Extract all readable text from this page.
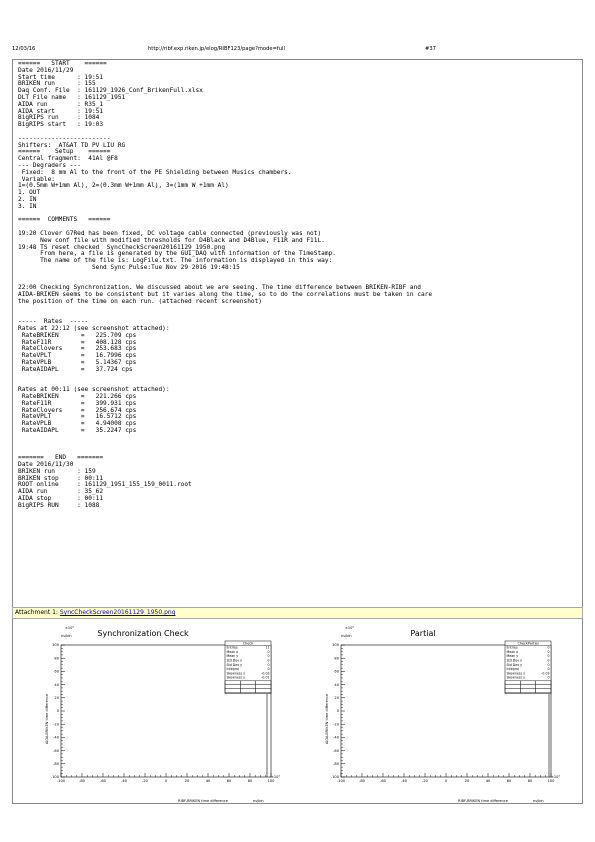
12/03/16	http://ribf.exp.riken.jp/elog/RIBF123/page?mode=full	#37
======   START    ======
Date 2016/11/29
Start time      : 19:51
BRIKEN run      : 155
Daq Conf. File  : 161129_1926_Conf_BrikenFull.xlsx
DLT File name   : 161129_1951
AIDA run        : R35_1
AIDA start      : 19:51
BigRIPS run     : 1084
BigRIPS start   : 19:03

-------------------------
Shifters:  AT&AT TD PV LIU RG
======    Setup    ======
Central fragment:  41Al @F8
--- Degraders ---
Fixed:  8 mm Al to the front of the PE Shielding between Musics chambers.
Variable:
1=(0.5mm W+1mm Al), 2=(0.3mm W+1mm Al), 3=(1mm W +1mm Al)
1. OUT
2. IN
3. IN

======  COMMENTS   ======

19:20 Clover G7Red has been fixed, DC voltage cable connected (previously was not)
New conf file with modified thresholds for D4Black and D4Blue, F11R and F11L.
19:48 TS reset checked  SyncCheckScreen20161129_1950.png
From here, a file is generated by the GUI_DAQ with information of the TimeStamp.
The name of the file is: LogFile.txt. The information is displayed in this way:
Send Sync Pulse:Tue Nov 29 2016 19:48:15

22:00 Checking Synchronization. We discussed about we are seeing. The time difference between BRIKEN-RIBF and
AIDA-BRIKEN seems to be consistent but it varies along the time, so to do the correlations must be taken in care
the position of the time on each run. (attached recent screenshot)

-----  Rates  -----
Rates at 22:12 (see screenshot attached):
RateBRIKEN      =   225.709 cps
RateF11R        =   408.128 cps
RateClovers     =   253.683 cps
RateVPLT        =   16.7996 cps
RateVPLB        =   5.14367 cps
RateAIDAPL      =   37.724 cps

Rates at 00:11 (see screenshot attached):
RateBRIKEN      =   221.266 cps
RateF11R        =   399.931 cps
RateClovers     =   256.674 cps
RateVPLT        =   16.5712 cps
RateVPLB        =   4.94008 cps
RateAIDAPL      =   35.2247 cps

=======   END   =======
Date 2016/11/30
BRIKEN run      : 159
BRIKEN stop     : 00:11
ROOT online     : 161129_1951_155_159_0011.root
AIDA run        : 35_62
AIDA stop       : 00:11
BigRIPS RUN     : 1088
Attachment 1: SyncCheckScreen20161129_1950.png
Synchronization Check
×10³
ns/bin
AIDA-BRIKEN time difference
RIBF-BRIKEN time difference	ns/bin
×10³
100
80
60
40
20
0
-20
-40
-60
-80
-100
-100	-80	-60	-40	-20	0	20	40	60	80	100
Check
Entries	11
Mean x	0
Mean y	0
Std Dev x	0
Std Dev y	0
Integral	0
Skewness x	-0.03
Skewness y	-0.01
Partial
×10³
ns/bin
AIDA-BRIKEN time difference
RIBF-BRIKEN time difference	ns/bin
×10³
100
80
60
40
20
0
-20
-40
-60
-80
-100
-100	-80	-60	-40	-20	0	20	40	60	80	100
CheckPartial
Entries	0
Mean x	0
Mean y	0
Std Dev x	0
Std Dev y	0
Integral	0
Skewness x	-0.03
Skewness y	0
